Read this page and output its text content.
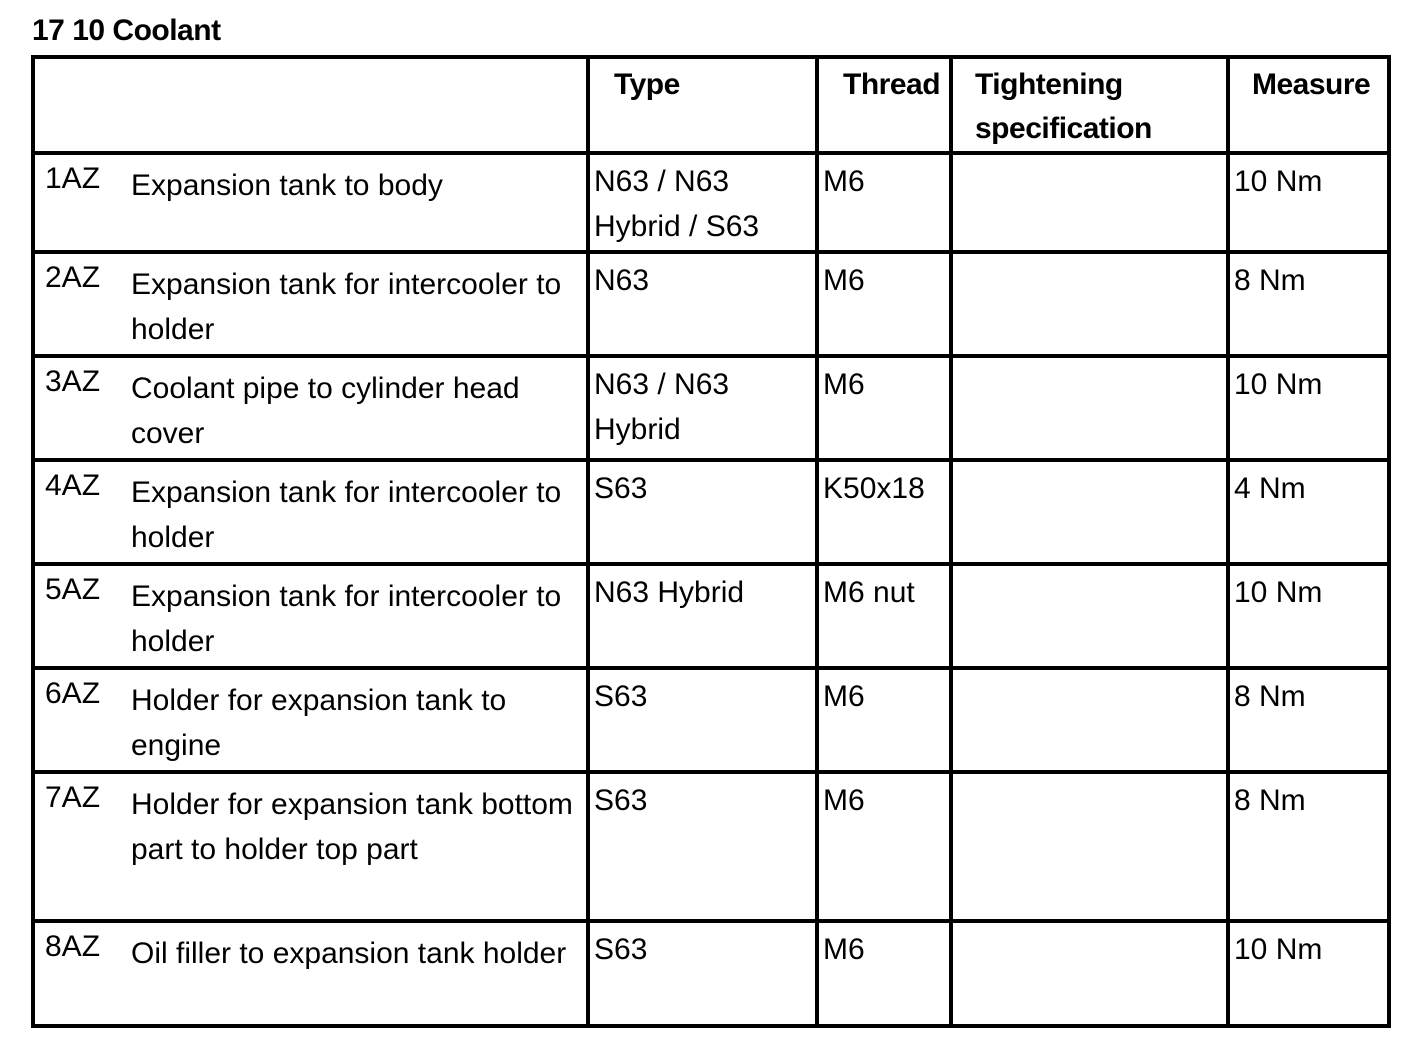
17 10 Coolant
	Type	Thread	Tightening specification	Measure

1AZ Expansion tank to body	N63 / N63 Hybrid / S63	M6		10 Nm

2AZ Expansion tank for intercooler to holder	N63	M6		8 Nm

3AZ Coolant pipe to cylinder head cover	N63 / N63 Hybrid	M6		10 Nm

4AZ Expansion tank for intercooler to holder	S63	K50x18		4 Nm

5AZ Expansion tank for intercooler to holder	N63 Hybrid	M6 nut		10 Nm

6AZ Holder for expansion tank to engine	S63	M6		8 Nm

7AZ Holder for expansion tank bottom part to holder top part	S63	M6		8 Nm

8AZ Oil filler to expansion tank holder	S63	M6		10 Nm
